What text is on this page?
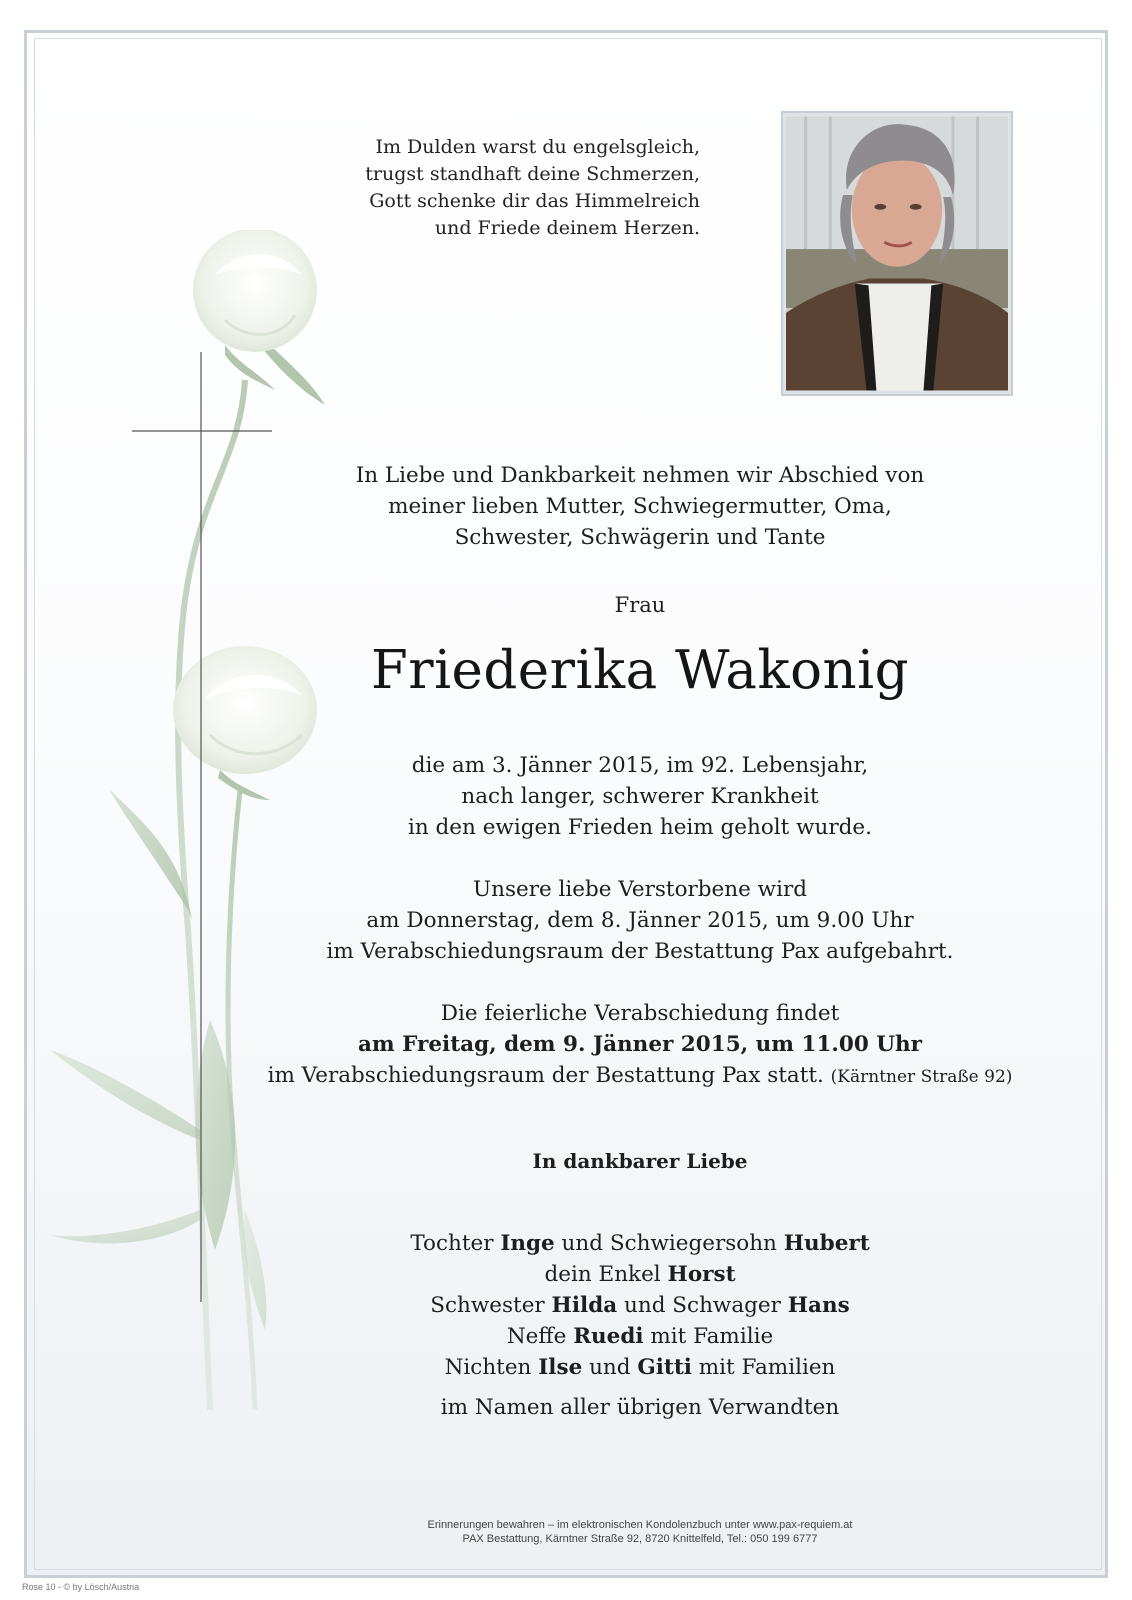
Im Dulden warst du engelsgleich,
trugst standhaft deine Schmerzen,
Gott schenke dir das Himmelreich
und Friede deinem Herzen.
In Liebe und Dankbarkeit nehmen wir Abschied von
meiner lieben Mutter, Schwiegermutter, Oma,
Schwester, Schwägerin und Tante
Frau
Friederika Wakonig
die am 3. Jänner 2015, im 92. Lebensjahr,
nach langer, schwerer Krankheit
in den ewigen Frieden heim geholt wurde.
Unsere liebe Verstorbene wird
am Donnerstag, dem 8. Jänner 2015, um 9.00 Uhr
im Verabschiedungsraum der Bestattung Pax aufgebahrt.
Die feierliche Verabschiedung findet
am Freitag, dem 9. Jänner 2015, um 11.00 Uhr
im Verabschiedungsraum der Bestattung Pax statt. (Kärntner Straße 92)
In dankbarer Liebe
Tochter Inge und Schwiegersohn Hubert
dein Enkel Horst
Schwester Hilda und Schwager Hans
Neffe Ruedi mit Familie
Nichten Ilse und Gitti mit Familien
im Namen aller übrigen Verwandten
Erinnerungen bewahren – im elektronischen Kondolenzbuch unter www.pax-requiem.at
PAX Bestattung, Kärntner Straße 92, 8720 Knittelfeld, Tel.: 050 199 6777
Rose 10 - © by Lösch/Austria
